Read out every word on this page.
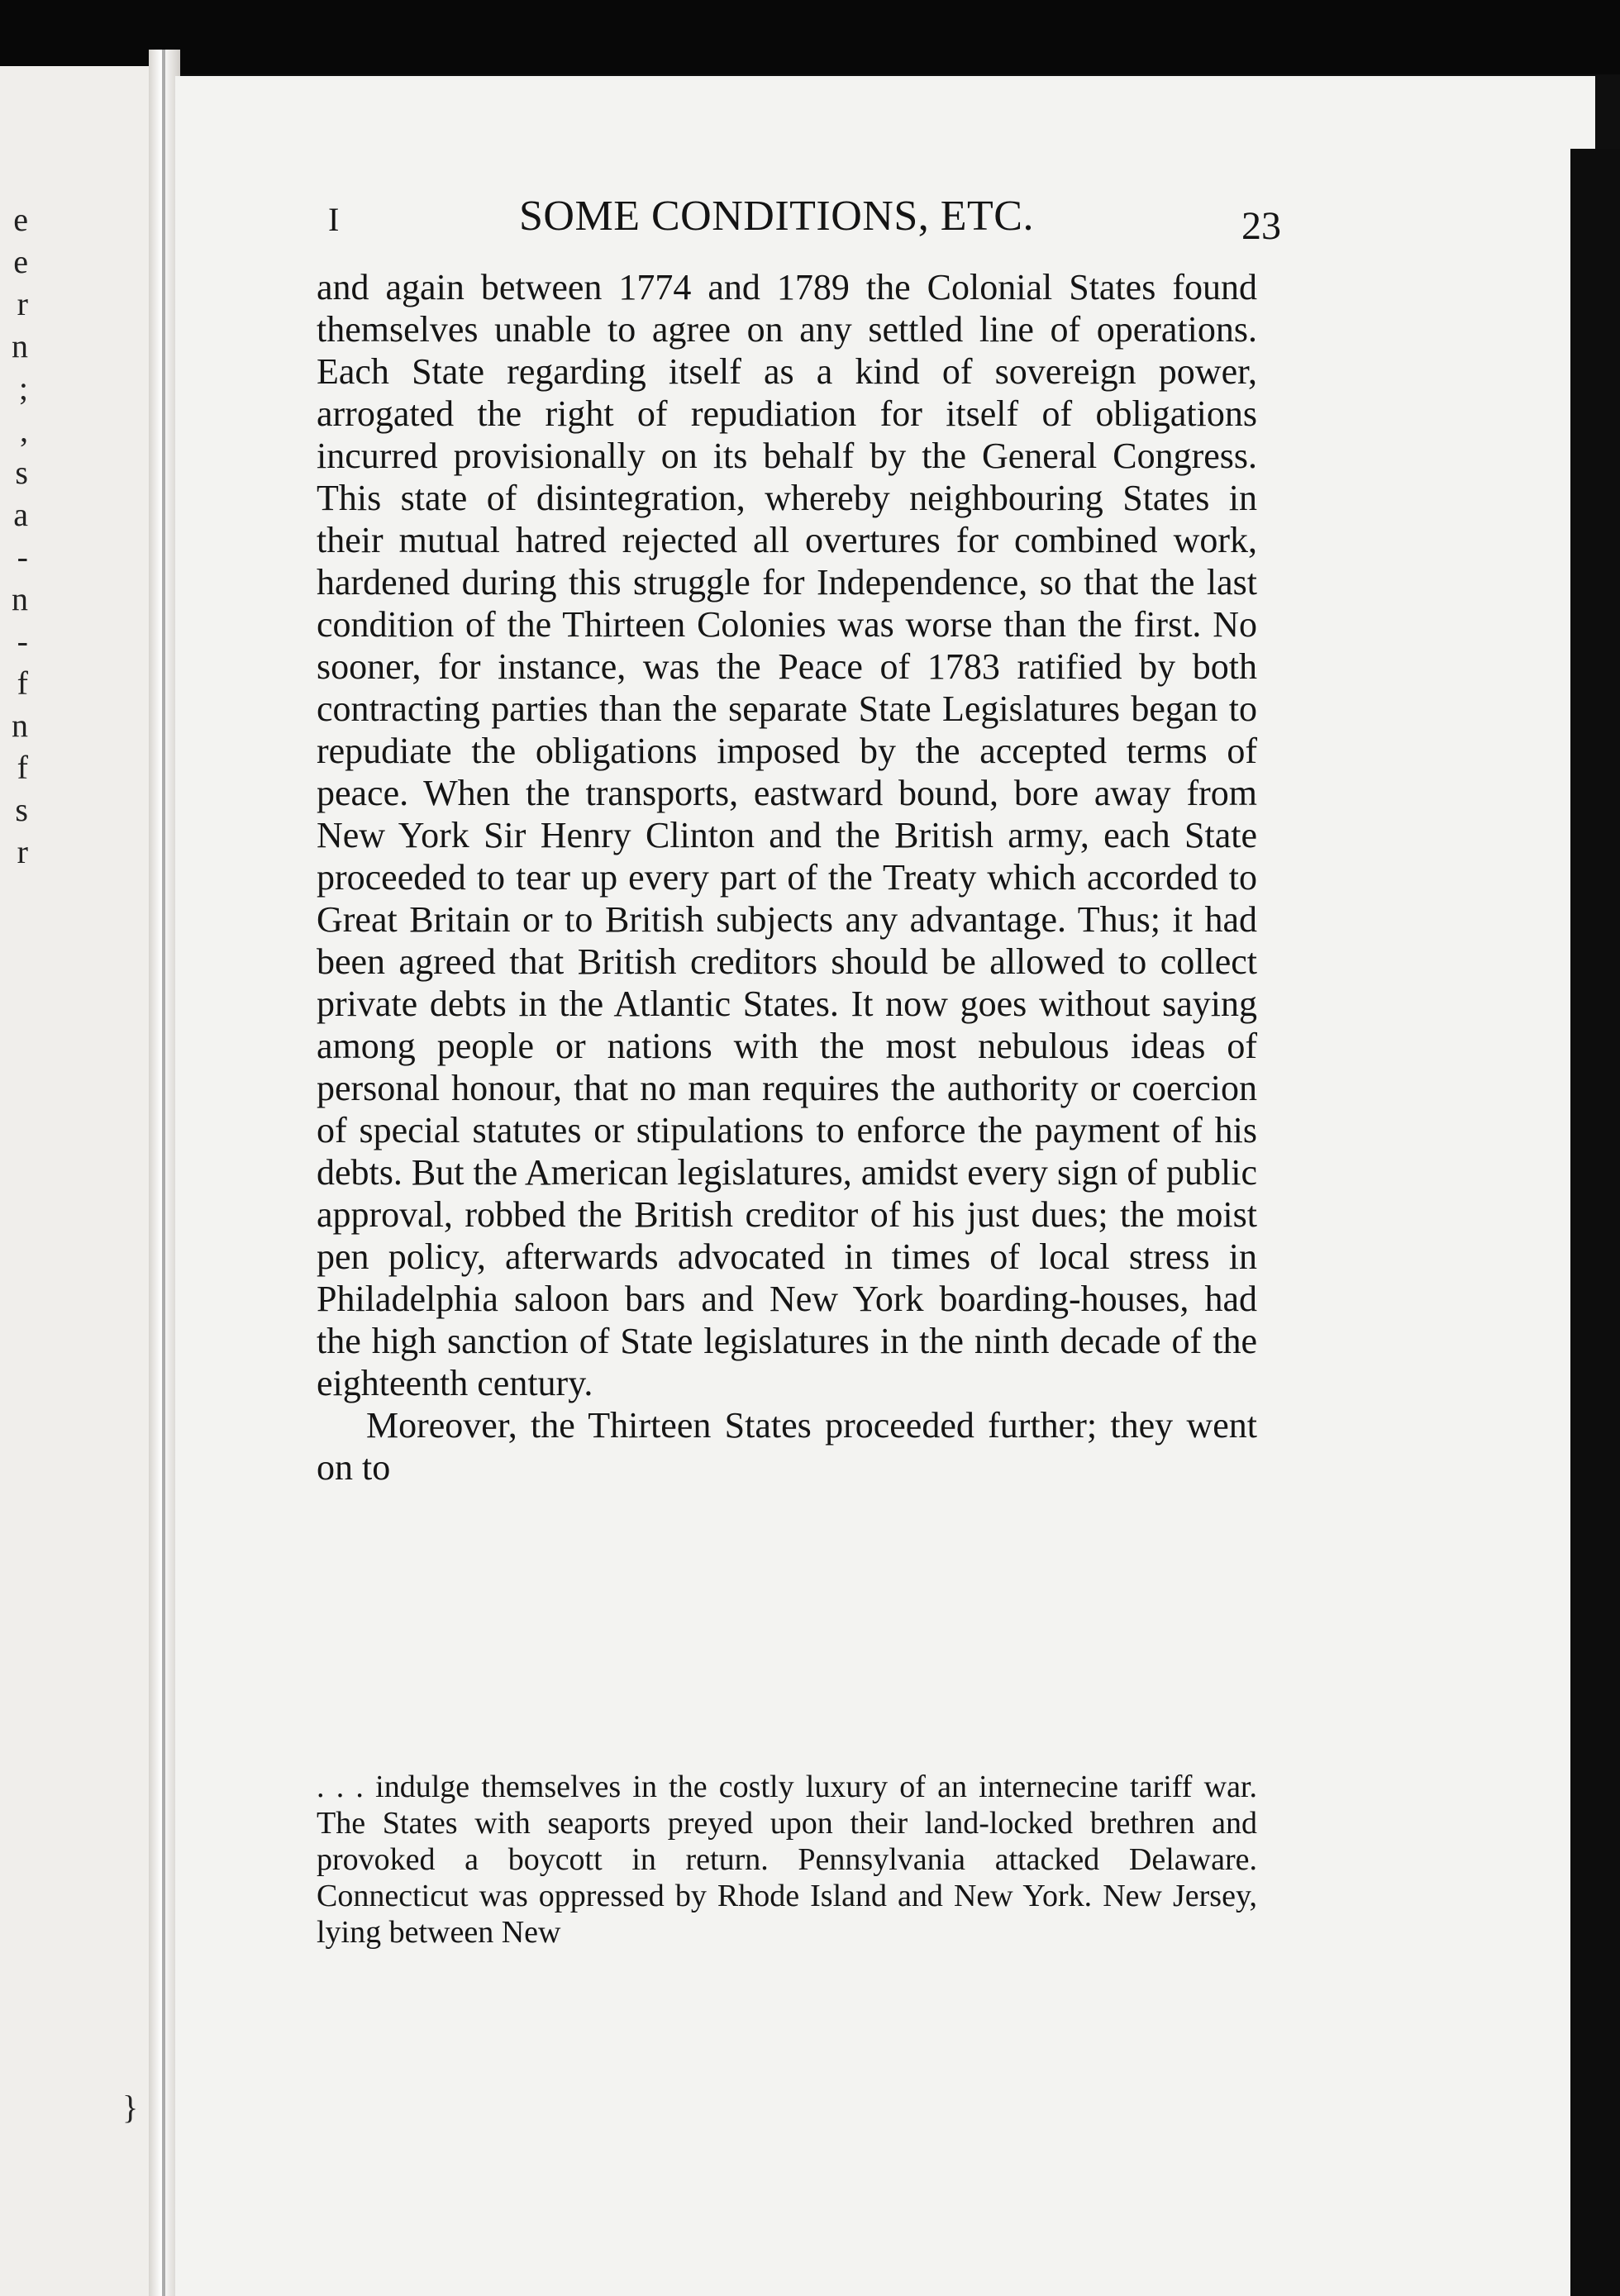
e
e
r
n
;
,
s
a
-
n
-
f
n
f
s
r
}
I	SOME CONDITIONS, ETC.	23

and again between 1774 and 1789 the Colonial States found themselves unable to agree on any settled line of operations. Each State regarding itself as a kind of sovereign power, arrogated the right of repudiation for itself of obligations incurred provisionally on its behalf by the General Congress. This state of disintegration, whereby neighbouring States in their mutual hatred rejected all overtures for combined work, hardened during this struggle for Independence, so that the last condition of the Thirteen Colonies was worse than the first. No sooner, for instance, was the Peace of 1783 ratified by both contracting parties than the separate State Legislatures began to repudiate the obligations imposed by the accepted terms of peace. When the transports, eastward bound, bore away from New York Sir Henry Clinton and the British army, each State proceeded to tear up every part of the Treaty which accorded to Great Britain or to British subjects any advantage. Thus; it had been agreed that British creditors should be allowed to collect private debts in the Atlantic States. It now goes without saying among people or nations with the most nebulous ideas of personal honour, that no man requires the authority or coercion of special statutes or stipulations to enforce the payment of his debts. But the American legislatures, amidst every sign of public approval, robbed the British creditor of his just dues; the moist pen policy, afterwards advocated in times of local stress in Philadelphia saloon bars and New York boarding-houses, had the high sanction of State legislatures in the ninth decade of the eighteenth century.

Moreover, the Thirteen States proceeded further; they went on to

. . . indulge themselves in the costly luxury of an internecine tariff war. The States with seaports preyed upon their land-locked brethren and provoked a boycott in return. Pennsylvania attacked Delaware. Connecticut was oppressed by Rhode Island and New York. New Jersey, lying between New
